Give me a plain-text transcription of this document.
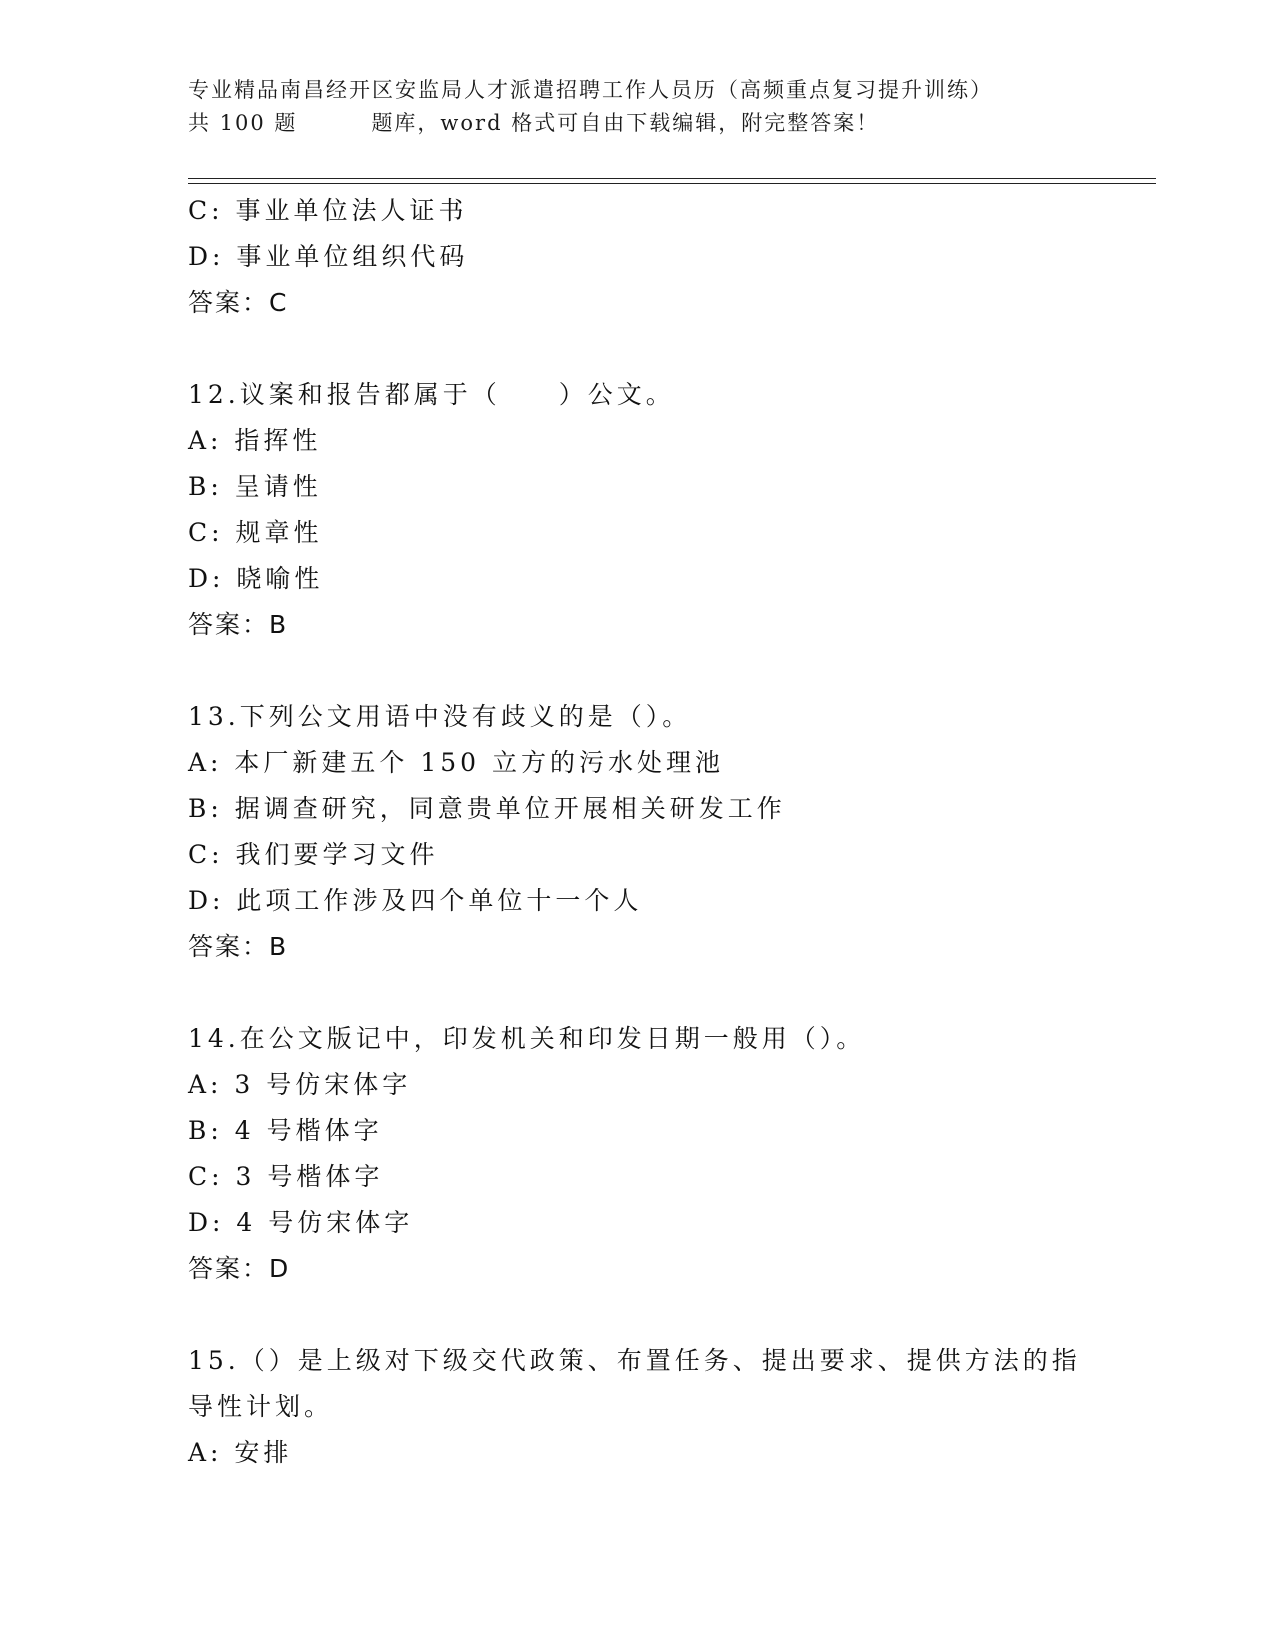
专业精品南昌经开区安监局人才派遣招聘工作人员历（高频重点复习提升训练）
共 100 题	题库，word 格式可自由下载编辑，附完整答案！
C: 事业单位法人证书
D: 事业单位组织代码
答案：C
12.议案和报告都属于（　　）公文。
A: 指挥性
B: 呈请性
C: 规章性
D: 晓喻性
答案：B
13.下列公文用语中没有歧义的是（）。
A: 本厂新建五个 150 立方的污水处理池
B: 据调查研究，同意贵单位开展相关研发工作
C: 我们要学习文件
D: 此项工作涉及四个单位十一个人
答案：B
14.在公文版记中，印发机关和印发日期一般用（）。
A: 3 号仿宋体字
B: 4 号楷体字
C: 3 号楷体字
D: 4 号仿宋体字
答案：D
15.（）是上级对下级交代政策、布置任务、提出要求、提供方法的指
导性计划。
A: 安排
